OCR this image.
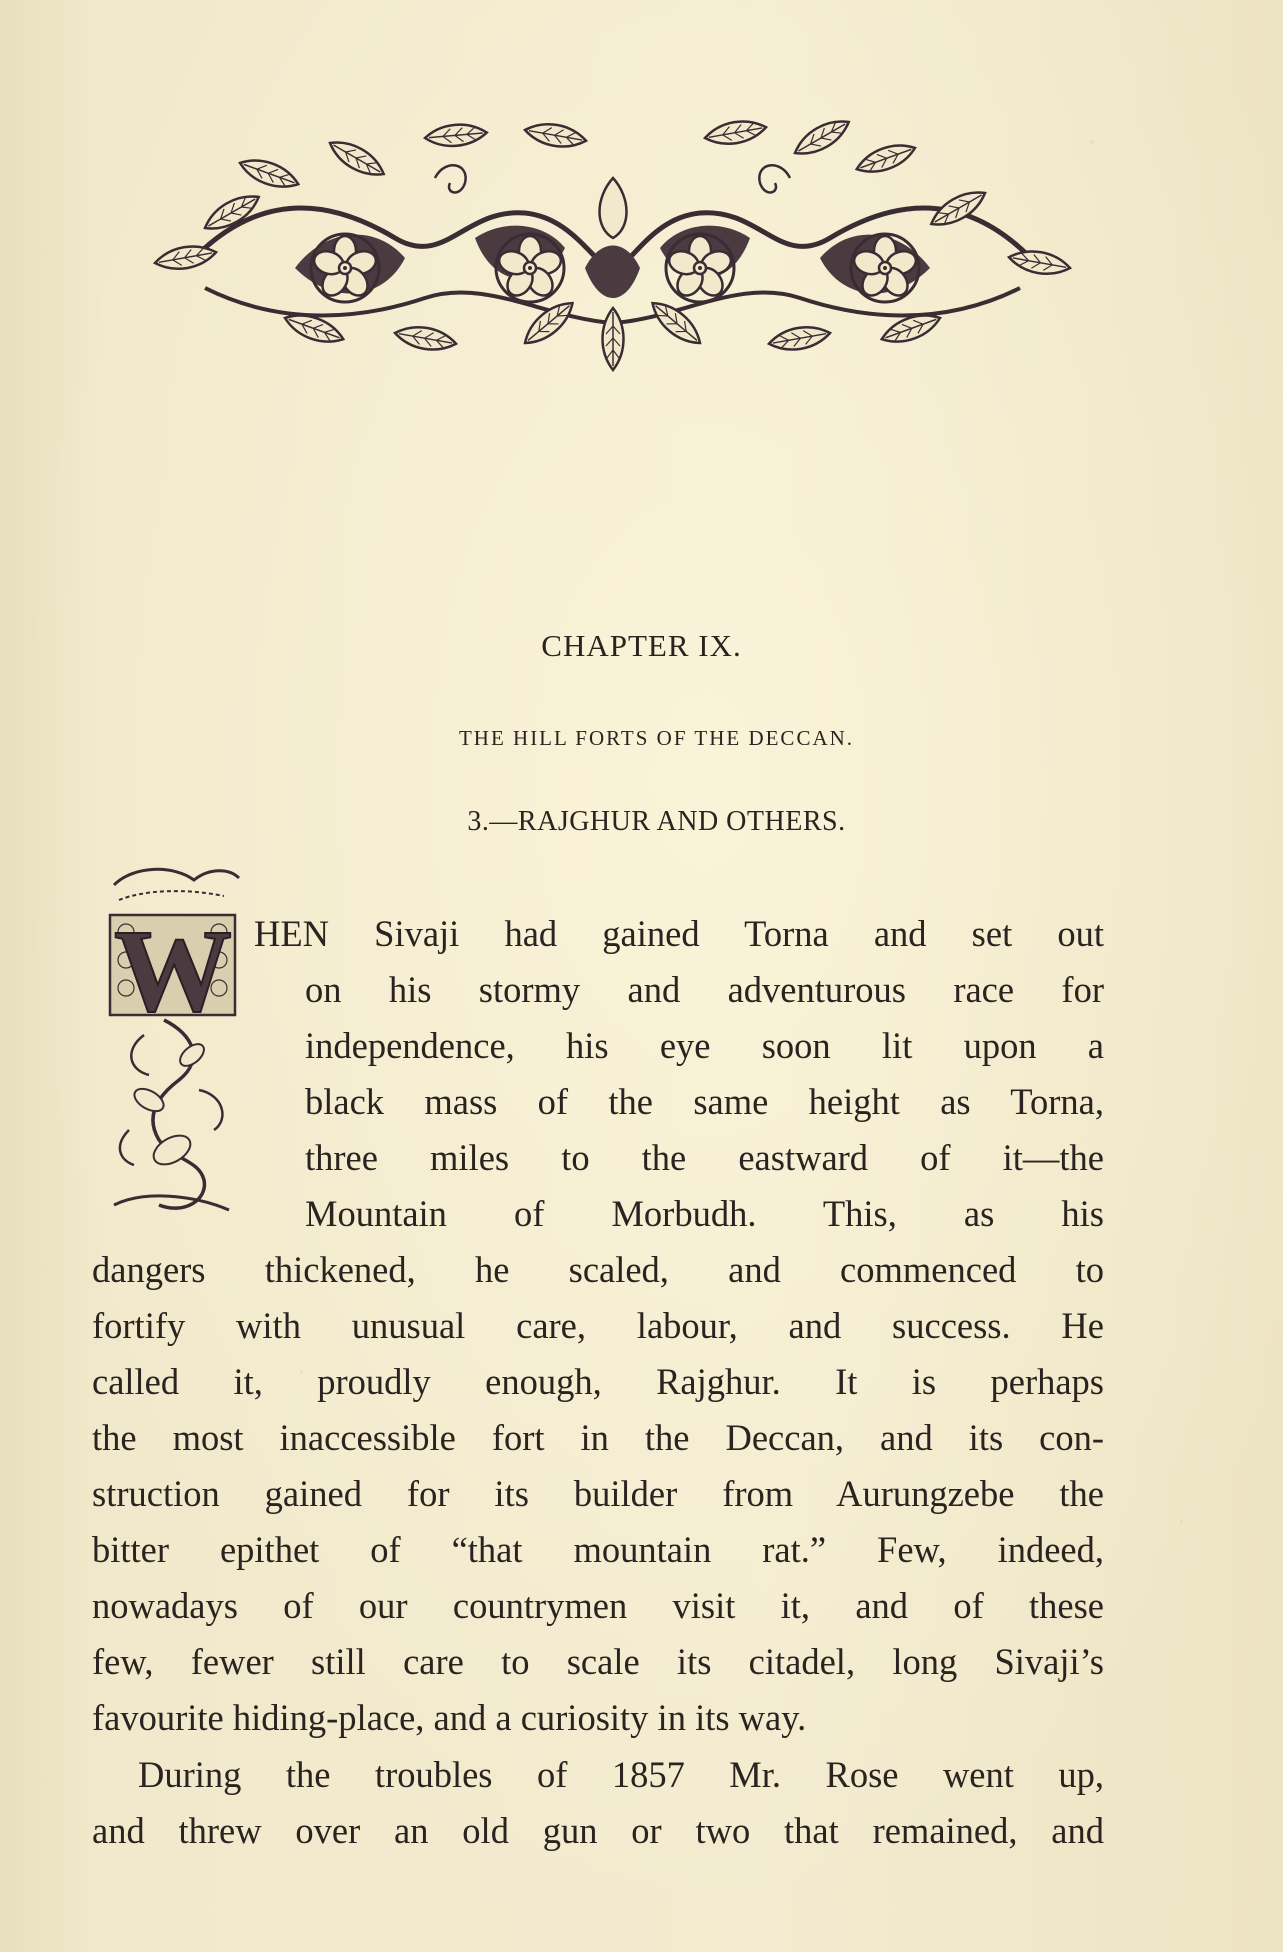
CHAPTER IX.
THE HILL FORTS OF THE DECCAN.
3.—RAJGHUR AND OTHERS.
W HEN Sivaji had gained Torna and set out

on his stormy and adventurous race for

independence, his eye soon lit upon a

black mass of the same height as Torna,

three miles to the eastward of it—the

Mountain of Morbudh. This, as his

dangers thickened, he scaled, and commenced to

fortify with unusual care, labour, and success. He

called it, proudly enough, Rajghur. It is perhaps

the most inaccessible fort in the Deccan, and its con-

struction gained for its builder from Aurungzebe the

bitter epithet of “that mountain rat.” Few, indeed,

nowadays of our countrymen visit it, and of these

few, fewer still care to scale its citadel, long Sivaji’s

favourite hiding-place, and a curiosity in its way.

During the troubles of 1857 Mr. Rose went up,

and threw over an old gun or two that remained, and
